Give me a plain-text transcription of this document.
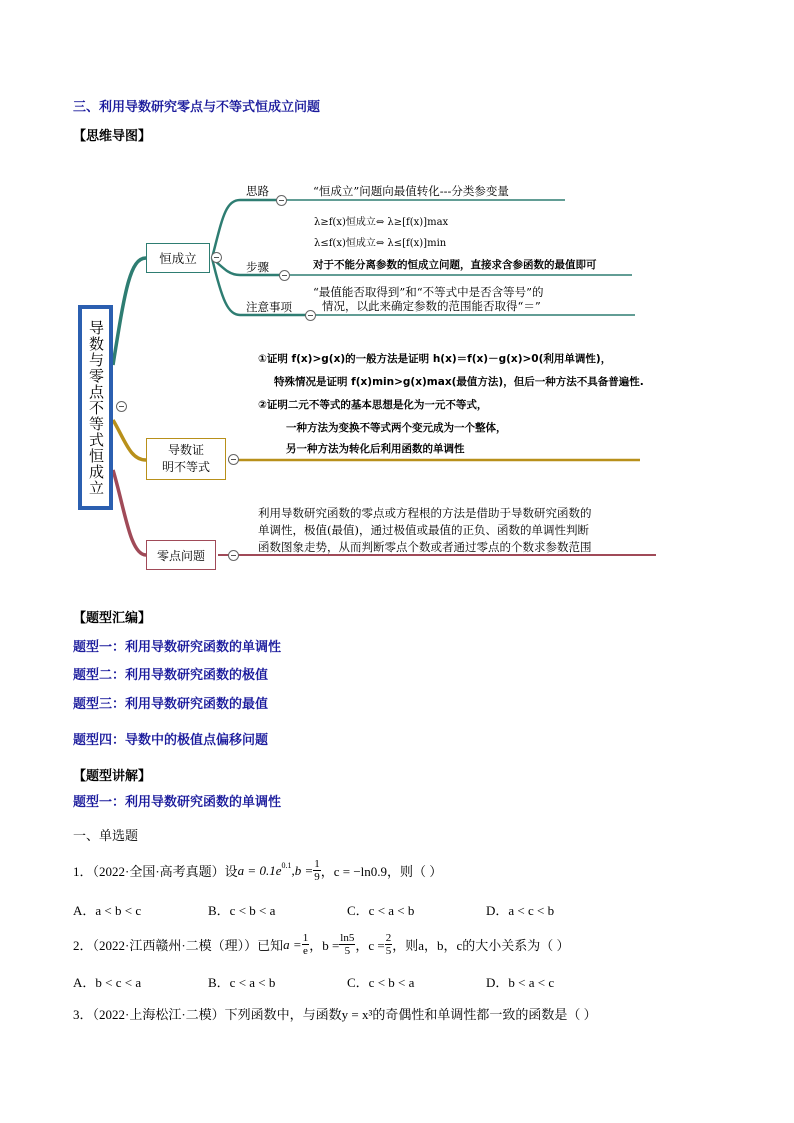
三、利用导数研究零点与不等式恒成立问题
【思维导图】
导数与零点不等式恒成立
恒成立
思路	“恒成立”问题向最值转化---分类参变量
λ≥f(x)恒成立⇔ λ≥[f(x)]max
λ≤f(x)恒成立⇔ λ≤[f(x)]min
步骤	对于不能分离参数的恒成立问题，直接求含参函数的最值即可
“最值能否取得到”和“不等式中是否含等号”的
注意事项	情况，以此来确定参数的范围能否取得“＝”
导数证
明不等式
①证明 f(x)>g(x)的一般方法是证明 h(x)＝f(x)－g(x)>0(利用单调性)，
特殊情况是证明 f(x)min>g(x)max(最值方法)，但后一种方法不具备普遍性.
②证明二元不等式的基本思想是化为一元不等式，
一种方法为变换不等式两个变元成为一个整体，
另一种方法为转化后利用函数的单调性
零点问题
利用导数研究函数的零点或方程根的方法是借助于导数研究函数的
单调性，极值(最值)，通过极值或最值的正负、函数的单调性判断
函数图象走势，从而判断零点个数或者通过零点的个数求参数范围
【题型汇编】
题型一：利用导数研究函数的单调性
题型二：利用导数研究函数的极值
题型三：利用导数研究函数的最值
题型四：导数中的极值点偏移问题
【题型讲解】
题型一：利用导数研究函数的单调性
一、单选题
1．（2022·全国·高考真题）设 $a = 0.1e^{0.1}$ $,b = \frac{1}{9}$ ，c = −ln0.9 ，则（ ）
A．a < b < c	B．c < b < a	C．c < a < b	D．a < c < b
2．（2022·江西赣州·二模（理））已知 $a = \frac{1}{e}$ ，$b = \frac{\ln 5}{5}$ ，$c = \frac{2}{5}$ ，则a，b，c的大小关系为（ ）
A．b < c < a	B．c < a < b	C．c < b < a	D．b < a < c
3．（2022·上海松江·二模）下列函数中，与函数y = x³的奇偶性和单调性都一致的函数是（ ）
